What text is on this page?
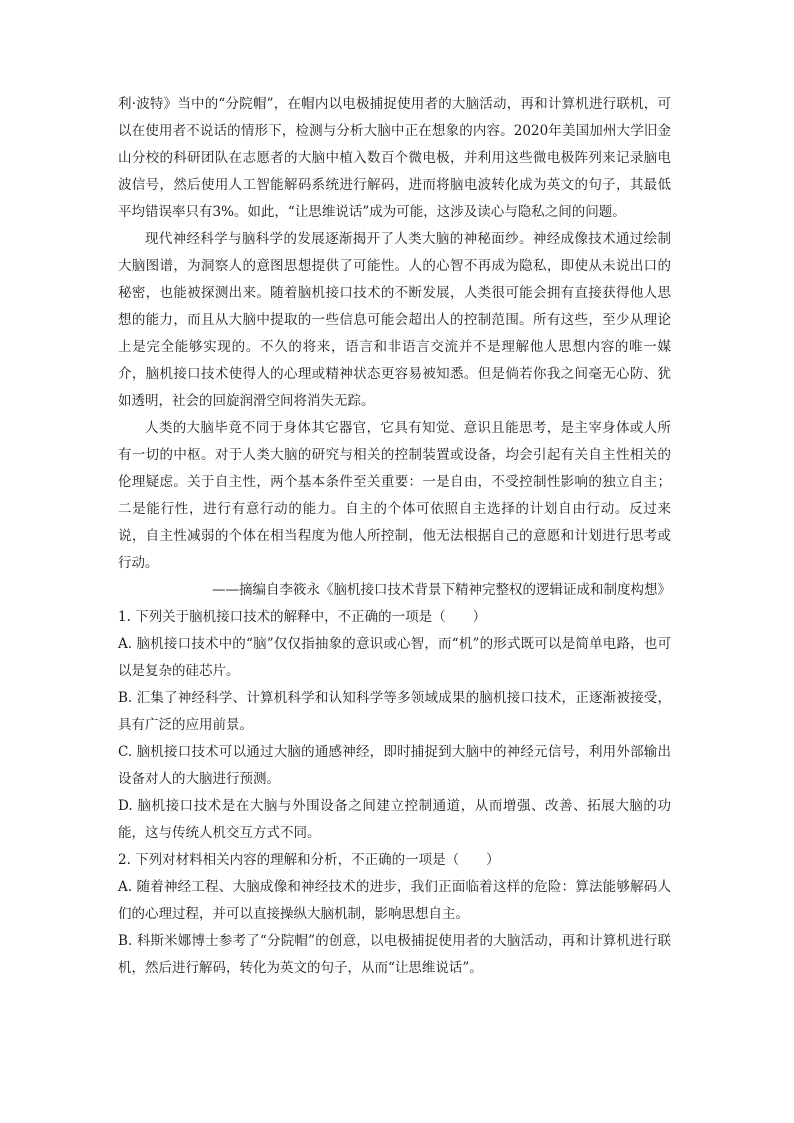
利·波特》当中的“分院帽”，在帽内以电极捕捉使用者的大脑活动，再和计算机进行联机，可以在使用者不说话的情形下，检测与分析大脑中正在想象的内容。2020年美国加州大学旧金山分校的科研团队在志愿者的大脑中植入数百个微电极，并利用这些微电极阵列来记录脑电波信号，然后使用人工智能解码系统进行解码，进而将脑电波转化成为英文的句子，其最低平均错误率只有3%。如此，“让思维说话”成为可能，这涉及读心与隐私之间的问题。

现代神经科学与脑科学的发展逐渐揭开了人类大脑的神秘面纱。神经成像技术通过绘制大脑图谱，为洞察人的意图思想提供了可能性。人的心智不再成为隐私，即使从未说出口的秘密，也能被探测出来。随着脑机接口技术的不断发展，人类很可能会拥有直接获得他人思想的能力，而且从大脑中提取的一些信息可能会超出人的控制范围。所有这些，至少从理论上是完全能够实现的。不久的将来，语言和非语言交流并不是理解他人思想内容的唯一媒介，脑机接口技术使得人的心理或精神状态更容易被知悉。但是倘若你我之间毫无心防、犹如透明，社会的回旋润滑空间将消失无踪。

人类的大脑毕竟不同于身体其它器官，它具有知觉、意识且能思考，是主宰身体或人所有一切的中枢。对于人类大脑的研究与相关的控制装置或设备，均会引起有关自主性相关的伦理疑虑。关于自主性，两个基本条件至关重要：一是自由，不受控制性影响的独立自主；二是能行性，进行有意行动的能力。自主的个体可依照自主选择的计划自由行动。反过来说，自主性减弱的个体在相当程度为他人所控制，他无法根据自己的意愿和计划进行思考或行动。

——摘编自李筱永《脑机接口技术背景下精神完整权的逻辑证成和制度构想》

1. 下列关于脑机接口技术的解释中，不正确的一项是（　　）

A. 脑机接口技术中的“脑”仅仅指抽象的意识或心智，而“机”的形式既可以是简单电路，也可以是复杂的硅芯片。

B. 汇集了神经科学、计算机科学和认知科学等多领域成果的脑机接口技术，正逐渐被接受，具有广泛的应用前景。

C. 脑机接口技术可以通过大脑的通感神经，即时捕捉到大脑中的神经元信号，利用外部输出设备对人的大脑进行预测。

D. 脑机接口技术是在大脑与外围设备之间建立控制通道，从而增强、改善、拓展大脑的功能，这与传统人机交互方式不同。

2. 下列对材料相关内容的理解和分析，不正确的一项是（　　）

A. 随着神经工程、大脑成像和神经技术的进步，我们正面临着这样的危险：算法能够解码人们的心理过程，并可以直接操纵大脑机制，影响思想自主。

B. 科斯米娜博士参考了“分院帽”的创意，以电极捕捉使用者的大脑活动，再和计算机进行联机，然后进行解码，转化为英文的句子，从而“让思维说话”。
